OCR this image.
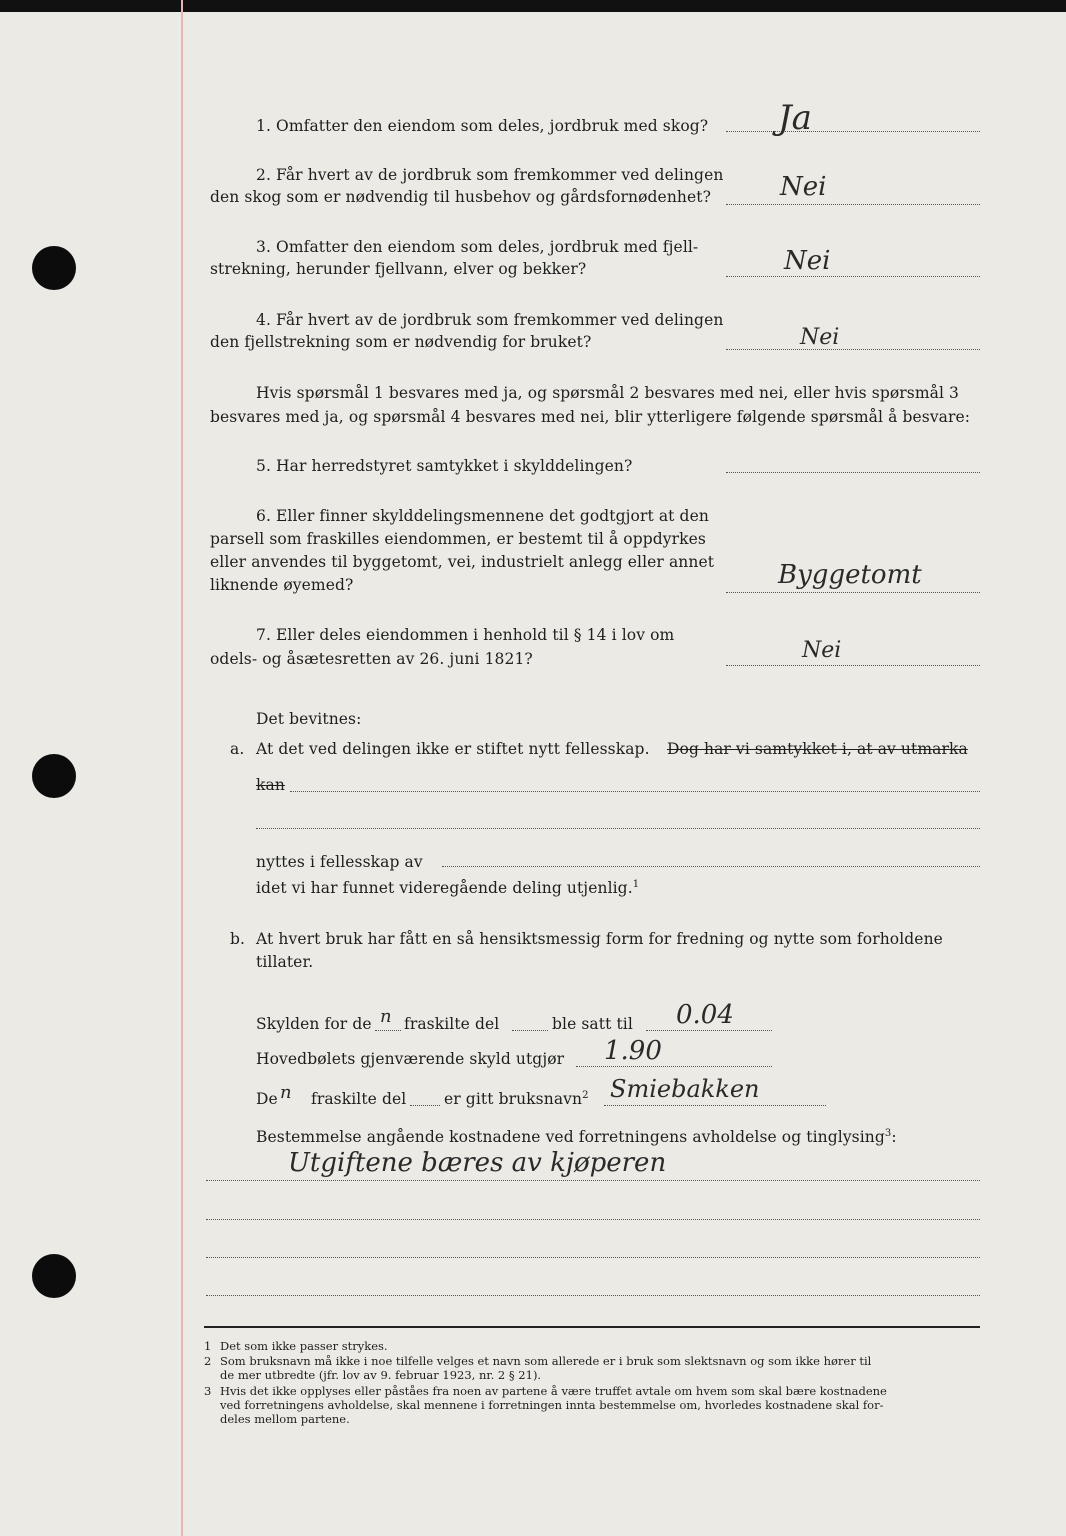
1. Omfatter den eiendom som deles, jordbruk med skog? Ja
2. Får hvert av de jordbruk som fremkommer ved delingen
den skog som er nødvendig til husbehov og gårdsfornødenhet?	Nei
3. Omfatter den eiendom som deles, jordbruk med fjell-
strekning, herunder fjellvann, elver og bekker?	Nei
4. Får hvert av de jordbruk som fremkommer ved delingen
den fjellstrekning som er nødvendig for bruket?	Nei
Hvis spørsmål 1 besvares med ja, og spørsmål 2 besvares med nei, eller hvis spørsmål 3
besvares med ja, og spørsmål 4 besvares med nei, blir ytterligere følgende spørsmål å besvare:
5. Har herredstyret samtykket i skylddelingen?
6. Eller finner skylddelingsmennene det godtgjort at den
parsell som fraskilles eiendommen, er bestemt til å oppdyrkes
eller anvendes til byggetomt, vei, industrielt anlegg eller annet
liknende øyemed?	Byggetomt
7. Eller deles eiendommen i henhold til § 14 i lov om
odels- og åsætesretten av 26. juni 1821?	Nei
Det bevitnes:
a. At det ved delingen ikke er stiftet nytt fellesskap. Dog har vi samtykket i, at av utmarka
kan
nyttes i fellesskap av
idet vi har funnet videregående deling utjenlig.$^1$
b. At hvert bruk har fått en så hensiktsmessig form for fredning og nytte som forholdene
tillater.
Skylden for de n fraskilte del	ble satt til 0.04
Hovedbølets gjenværende skyld utgjør 1.90
De n fraskilte del er gitt bruksnavn$^2$ Smiebakken
Bestemmelse angående kostnadene ved forretningens avholdelse og tinglysing$^3$:
Utgiftene bæres av kjøperen
1 Det som ikke passer strykes.
2 Som bruksnavn må ikke i noe tilfelle velges et navn som allerede er i bruk som slektsnavn og som ikke hører til
de mer utbredte (jfr. lov av 9. februar 1923, nr. 2 § 21).
3 Hvis det ikke opplyses eller påståes fra noen av partene å være truffet avtale om hvem som skal bære kostnadene
ved forretningens avholdelse, skal mennene i forretningen innta bestemmelse om, hvorledes kostnadene skal for-
deles mellom partene.
